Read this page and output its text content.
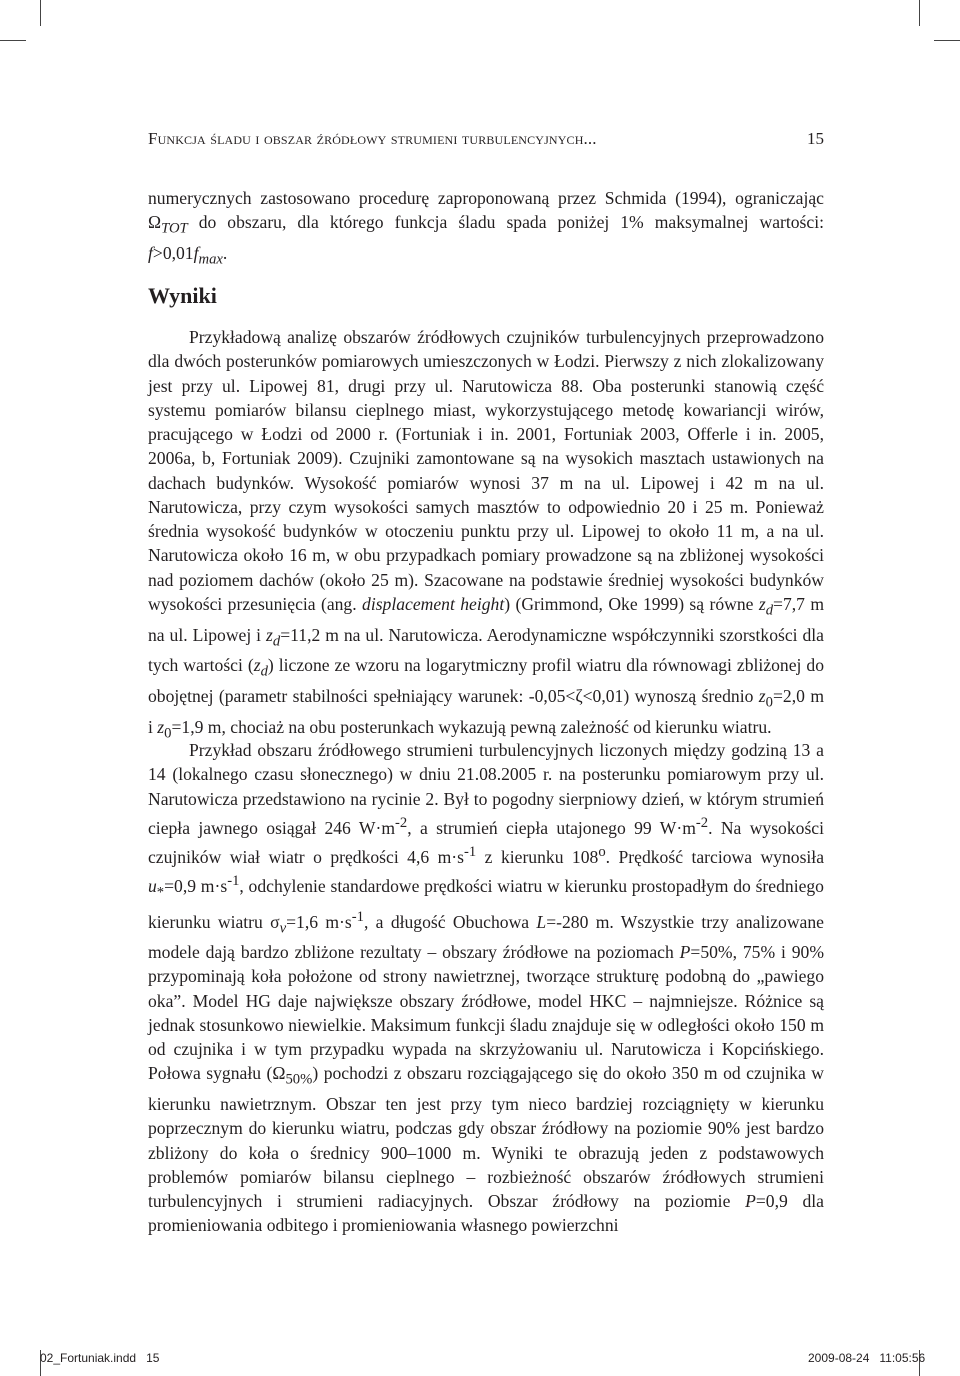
Funkcja śladu i obszar źródłowy strumieni turbulencyjnych...	15

numerycznych zastosowano procedurę zaproponowaną przez Schmida (1994), ograniczając $\Omega_{TOT}$ do obszaru, dla którego funkcja śladu spada poniżej 1% maksymalnej wartości: $f>0,01f_{max}$.

Wyniki

Przykładową analizę obszarów źródłowych czujników turbulencyjnych przeprowadzono dla dwóch posterunków pomiarowych umieszczonych w Łodzi. Pierwszy z nich zlokalizowany jest przy ul. Lipowej 81, drugi przy ul. Narutowicza 88. Oba posterunki stanowią część systemu pomiarów bilansu cieplnego miast, wykorzystującego metodę kowariancji wirów, pracującego w Łodzi od 2000 r. (Fortuniak i in. 2001, Fortuniak 2003, Offerle i in. 2005, 2006a, b, Fortuniak 2009). Czujniki zamontowane są na wysokich masztach ustawionych na dachach budynków. Wysokość pomiarów wynosi 37 m na ul. Lipowej i 42 m na ul. Narutowicza, przy czym wysokości samych masztów to odpowiednio 20 i 25 m. Ponieważ średnia wysokość budynków w otoczeniu punktu przy ul. Lipowej to około 11 m, a na ul. Narutowicza około 16 m, w obu przypadkach pomiary prowadzone są na zbliżonej wysokości nad poziomem dachów (około 25 m). Szacowane na podstawie średniej wysokości budynków wysokości przesunięcia (ang. displacement height) (Grimmond, Oke 1999) są równe $z_d=7,7$ m na ul. Lipowej i $z_d=11,2$ m na ul. Narutowicza. Aerodynamiczne współczynniki szorstkości dla tych wartości $(z_d)$ liczone ze wzoru na logarytmiczny profil wiatru dla równowagi zbliżonej do obojętnej (parametr stabilności spełniający warunek: -0,05<ζ<0,01) wynoszą średnio $z_0=2,0$ m i $z_0=1,9$ m, chociaż na obu posterunkach wykazują pewną zależność od kierunku wiatru.

Przykład obszaru źródłowego strumieni turbulencyjnych liczonych między godziną 13 a 14 (lokalnego czasu słonecznego) w dniu 21.08.2005 r. na posterunku pomiarowym przy ul. Narutowicza przedstawiono na rycinie 2. Był to pogodny sierpniowy dzień, w którym strumień ciepła jawnego osiągał 246 $W\cdot m^{-2}$, a strumień ciepła utajonego 99 $W\cdot m^{-2}$. Na wysokości czujników wiał wiatr o prędkości 4,6 $m\cdot s^{-1}$ z kierunku 108$^o$. Prędkość tarciowa wynosiła $u_*=0,9$ $m\cdot s^{-1}$, odchylenie standardowe prędkości wiatru w kierunku prostopadłym do średniego kierunku wiatru $\sigma_v=1,6$ $m\cdot s^{-1}$, a długość Obuchowa L=-280 m. Wszystkie trzy analizowane modele dają bardzo zbliżone rezultaty – obszary źródłowe na poziomach P=50%, 75% i 90% przypominają koła położone od strony nawietrznej, tworzące strukturę podobną do „pawiego oka”. Model HG daje największe obszary źródłowe, model HKC – najmniejsze. Różnice są jednak stosunkowo niewielkie. Maksimum funkcji śladu znajduje się w odległości około 150 m od czujnika i w tym przypadku wypada na skrzyżowaniu ul. Narutowicza i Kopcińskiego. Połowa sygnału $(\Omega_{50\%})$ pochodzi z obszaru rozciągającego się do około 350 m od czujnika w kierunku nawietrznym. Obszar ten jest przy tym nieco bardziej rozciągnięty w kierunku poprzecznym do kierunku wiatru, podczas gdy obszar źródłowy na poziomie 90% jest bardzo zbliżony do koła o średnicy 900–1000 m. Wyniki te obrazują jeden z podstawowych problemów pomiarów bilansu cieplnego – rozbieżność obszarów źródłowych strumieni turbulencyjnych i strumieni radiacyjnych. Obszar źródłowy na poziomie P=0,9 dla promieniowania odbitego i promieniowania własnego powierzchni

02_Fortuniak.indd   15	2009-08-24   11:05:56
